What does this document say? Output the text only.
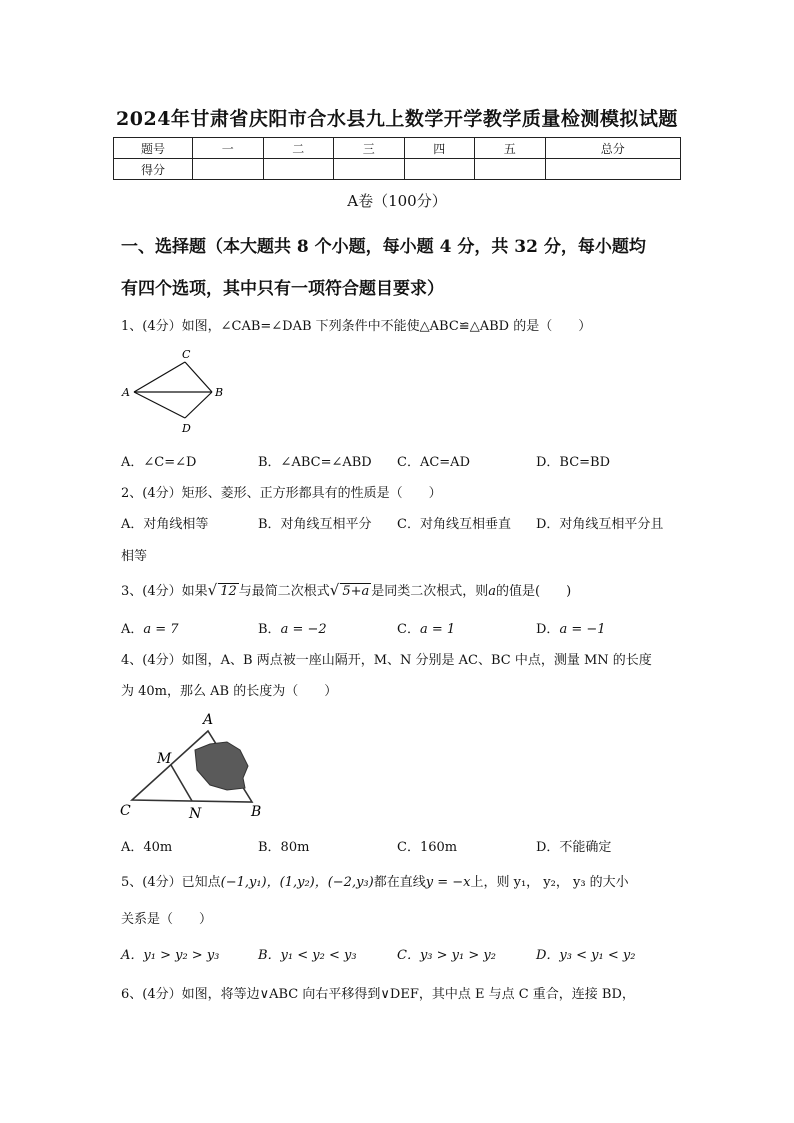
2024年甘肃省庆阳市合水县九上数学开学教学质量检测模拟试题
题号	一	二	三	四	五	总分
得分						
A卷（100分）
一、选择题（本大题共 8 个小题，每小题 4 分，共 32 分，每小题均
有四个选项，其中只有一项符合题目要求）
1、(4分）如图，∠CAB=∠DAB 下列条件中不能使△ABC≌△ABD 的是（　　）
C
A	B
D
A．∠C=∠D	B．∠ABC=∠ABD C．AC=AD	D．BC=BD
2、(4分）矩形、菱形、正方形都具有的性质是（　　）
A．对角线相等	B．对角线互相平分 C．对角线互相垂直 D．对角线互相平分且
相等
3、(4分）如果√ 12 与最简二次根式√ 5+a 是同类二次根式，则a的值是(　　)
A．a = 7	B．a = −2	C．a = 1	D．a = −1
4、(4分）如图，A、B 两点被一座山隔开，M、N 分别是 AC、BC 中点，测量 MN 的长度
为 40m，那么 AB 的长度为（　　）
A
M
C	N	B
A．40m	B．80m	C．160m	D．不能确定
5、(4分）已知点(−1,y₁)，(1,y₂)，(−2,y₃)都在直线y = −x上，则 y₁， y₂， y₃ 的大小
关系是（　　）
A．y₁ > y₂ > y₃	B．y₁ < y₂ < y₃	C．y₃ > y₁ > y₂	D．y₃ < y₁ < y₂
6、(4分）如图，将等边∨ABC 向右平移得到∨DEF，其中点 E 与点 C 重合，连接 BD，
